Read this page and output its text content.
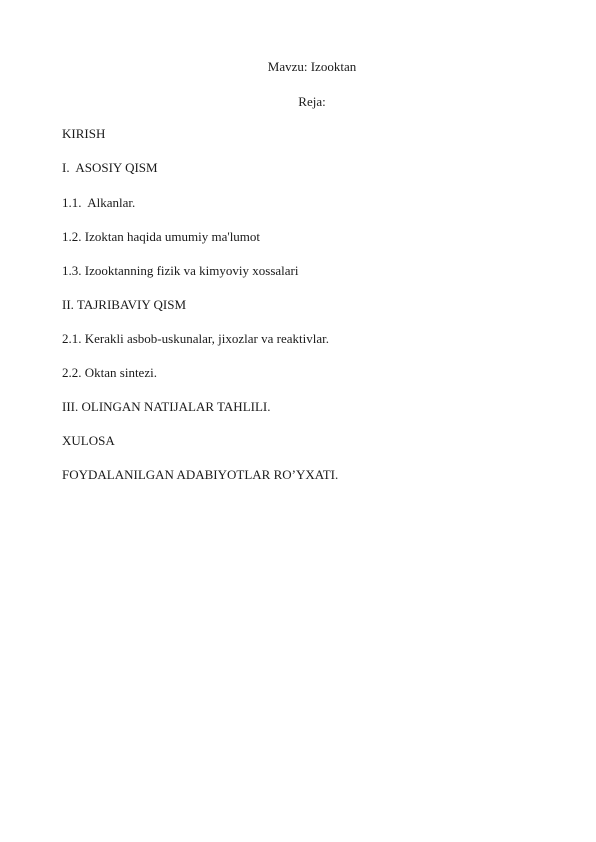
Mavzu: Izooktan
Reja:
KIRISH
I.  ASOSIY QISM
1.1.  Alkanlar.
1.2. Izoktan haqida umumiy ma'lumot
1.3. Izooktanning fizik va kimyoviy xossalari
II. TAJRIBAVIY QISM
2.1. Kerakli asbob-uskunalar, jixozlar va reaktivlar.
2.2. Oktan sintezi.
III. OLINGAN NATIJALAR TAHLILI.
XULOSA
FOYDALANILGAN ADABIYOTLAR RO’YXATI.
